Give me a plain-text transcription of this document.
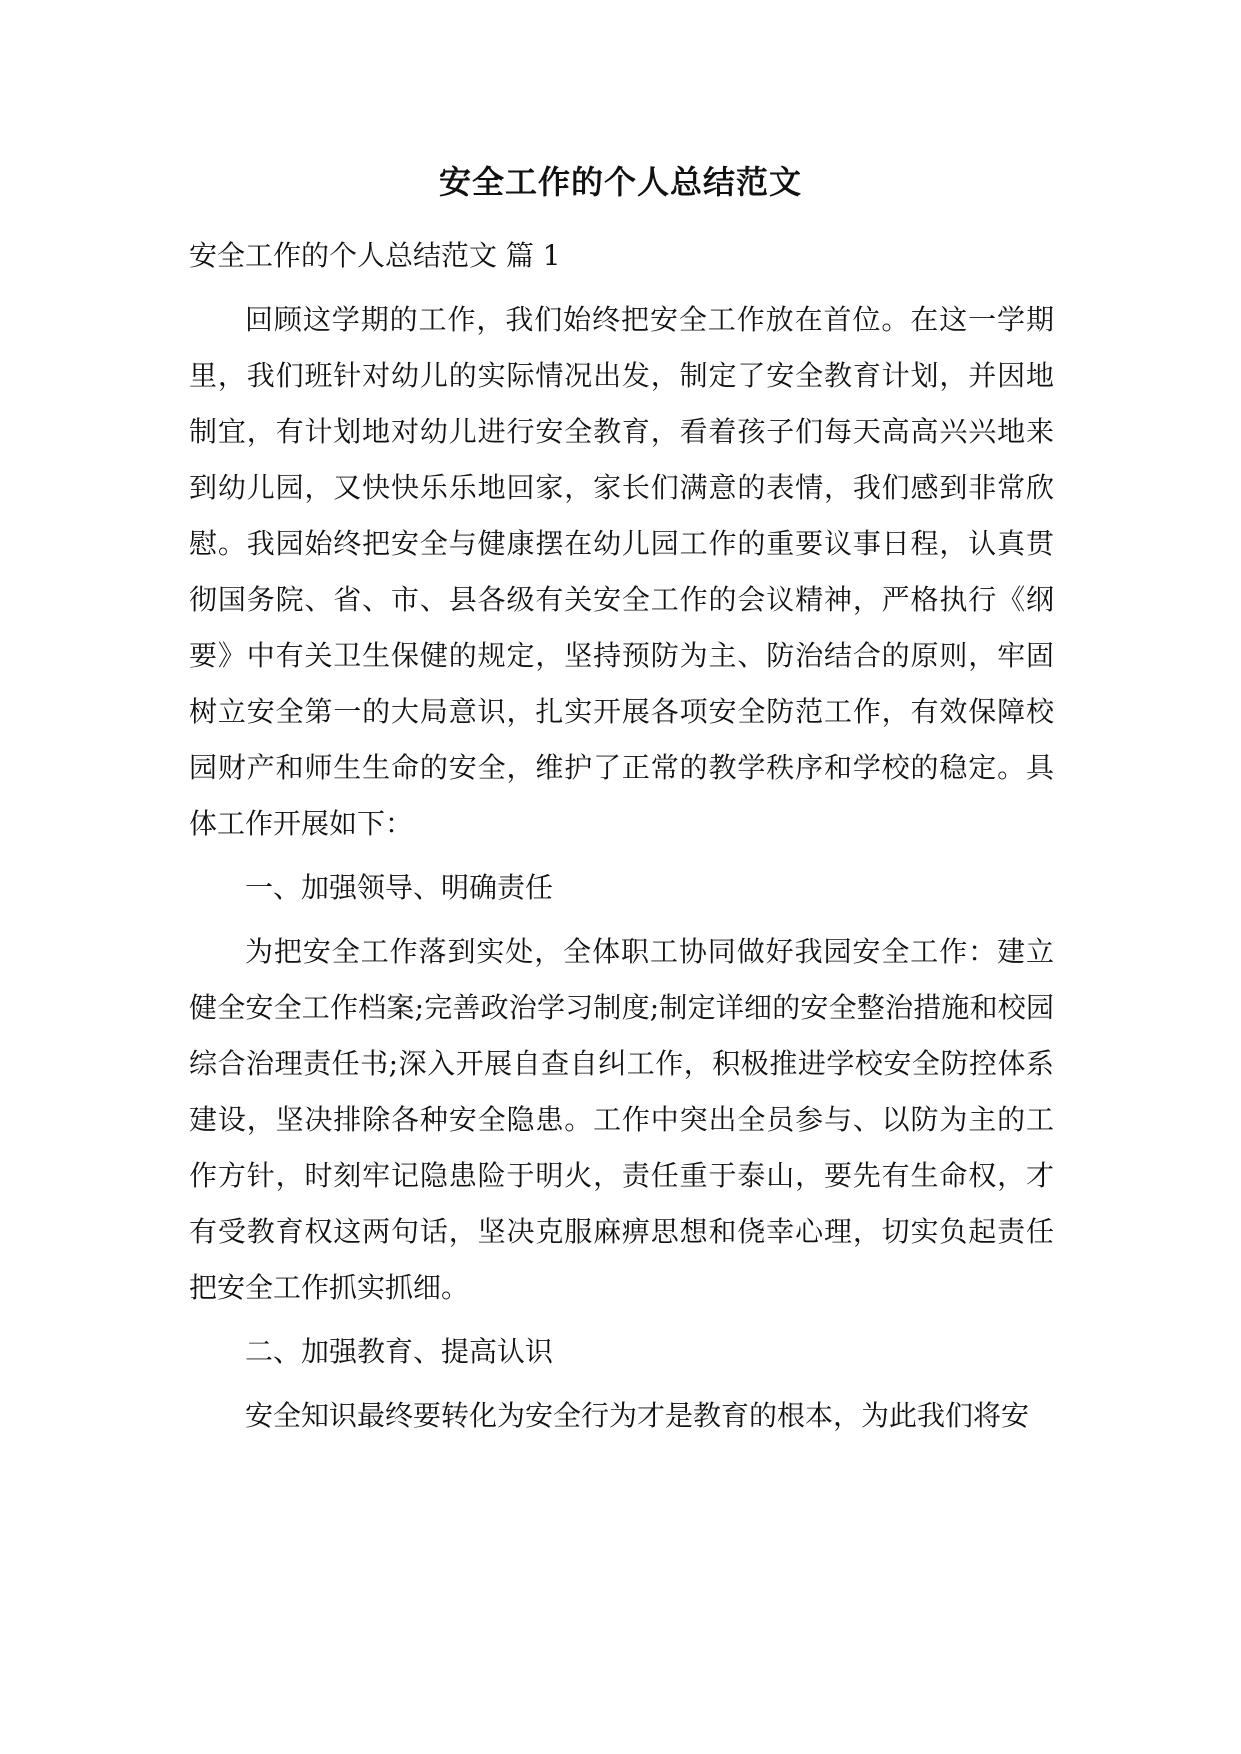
安全工作的个人总结范文
安全工作的个人总结范文 篇 1

回顾这学期的工作，我们始终把安全工作放在首位。在这一学期里，我们班针对幼儿的实际情况出发，制定了安全教育计划，并因地制宜，有计划地对幼儿进行安全教育，看着孩子们每天高高兴兴地来到幼儿园，又快快乐乐地回家，家长们满意的表情，我们感到非常欣慰。我园始终把安全与健康摆在幼儿园工作的重要议事日程，认真贯彻国务院、省、市、县各级有关安全工作的会议精神，严格执行《纲要》中有关卫生保健的规定，坚持预防为主、防治结合的原则，牢固树立安全第一的大局意识，扎实开展各项安全防范工作，有效保障校园财产和师生生命的安全，维护了正常的教学秩序和学校的稳定。具体工作开展如下：

一、加强领导、明确责任

为把安全工作落到实处，全体职工协同做好我园安全工作：建立健全安全工作档案;完善政治学习制度;制定详细的安全整治措施和校园综合治理责任书;深入开展自查自纠工作，积极推进学校安全防控体系建设，坚决排除各种安全隐患。工作中突出全员参与、以防为主的工作方针，时刻牢记隐患险于明火，责任重于泰山，要先有生命权，才有受教育权这两句话，坚决克服麻痹思想和侥幸心理，切实负起责任把安全工作抓实抓细。

二、加强教育、提高认识

安全知识最终要转化为安全行为才是教育的根本，为此我们将安
